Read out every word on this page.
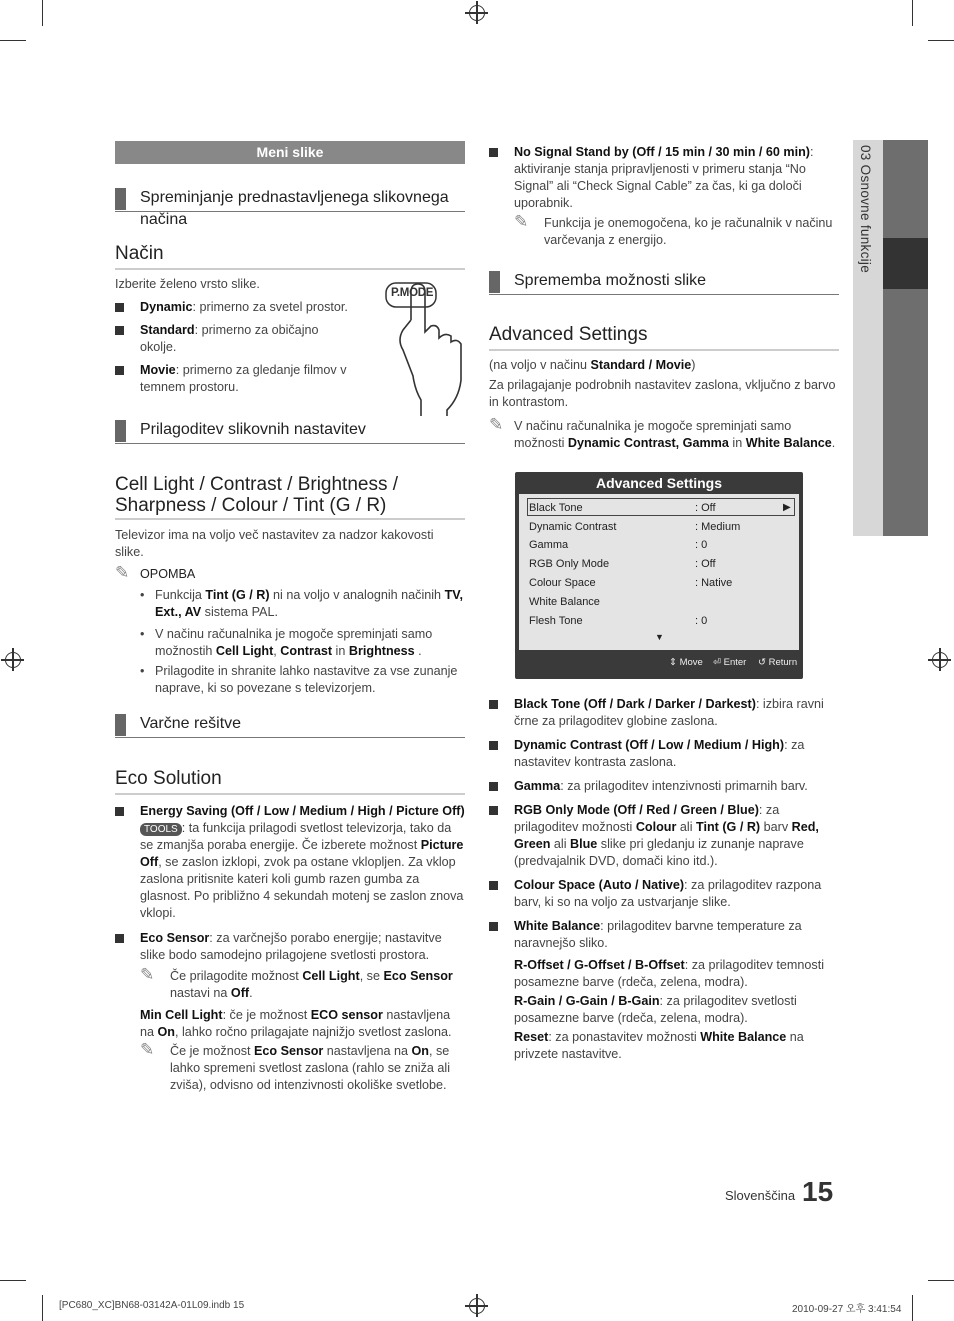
03 Osnovne funkcije
Meni slike
Spreminjanje prednastavljenega slikovnega načina
Način
Izberite želeno vrsto slike.
Dynamic: primerno za svetel prostor.
Standard: primerno za običajno okolje.
Movie: primerno za gledanje filmov v temnem prostoru.
P.MODE
Prilagoditev slikovnih nastavitev
Cell Light / Contrast / Brightness /
Sharpness / Colour / Tint (G / R)
Televizor ima na voljo več nastavitev za nadzor kakovosti slike.
✎ OPOMBA
• Funkcija Tint (G / R) ni na voljo v analognih načinih TV, Ext., AV sistema PAL.
• V načinu računalnika je mogoče spreminjati samo možnostih Cell Light, Contrast in Brightness .
• Prilagodite in shranite lahko nastavitve za vse zunanje naprave, ki so povezane s televizorjem.
Varčne rešitve
Eco Solution
Energy Saving (Off / Low / Medium / High / Picture Off) TOOLS : ta funkcija prilagodi svetlost televizorja, tako da se zmanjša poraba energije. Če izberete možnost Picture Off, se zaslon izklopi, zvok pa ostane vklopljen. Za vklop zaslona pritisnite kateri koli gumb razen gumba za glasnost. Po približno 4 sekundah motenj se zaslon znova vklopi.
Eco Sensor: za varčnejšo porabo energije; nastavitve slike bodo samodejno prilagojene svetlosti prostora.
✎ Če prilagodite možnost Cell Light, se Eco Sensor nastavi na Off.
Min Cell Light: če je možnost ECO sensor nastavljena na On, lahko ročno prilagajate najnižjo svetlost zaslona.
✎ Če je možnost Eco Sensor nastavljena na On, se lahko spremeni svetlost zaslona (rahlo se zniža ali zviša), odvisno od intenzivnosti okoliške svetlobe.
No Signal Stand by (Off / 15 min / 30 min / 60 min): aktiviranje stanja pripravljenosti v primeru stanja “No Signal” ali “Check Signal Cable” za čas, ki ga določi uporabnik.
✎ Funkcija je onemogočena, ko je računalnik v načinu varčevanja z energijo.
Sprememba možnosti slike
Advanced Settings
(na voljo v načinu Standard / Movie)
Za prilagajanje podrobnih nastavitev zaslona, vključno z barvo in kontrastom.
✎ V načinu računalnika je mogoče spreminjati samo možnosti Dynamic Contrast, Gamma in White Balance.
Advanced Settings
Black Tone	: Off	▶
Dynamic Contrast	: Medium
Gamma	: 0
RGB Only Mode	: Off
Colour Space	: Native
White Balance
Flesh Tone	: 0
▼
⇕ Move ⏎ Enter ↺ Return
Black Tone (Off / Dark / Darker / Darkest): izbira ravni črne za prilagoditev globine zaslona.
Dynamic Contrast (Off / Low / Medium / High): za nastavitev kontrasta zaslona.
Gamma: za prilagoditev intenzivnosti primarnih barv.
RGB Only Mode (Off / Red / Green / Blue): za prilagoditev možnosti Colour ali Tint (G / R) barv Red, Green ali Blue slike pri gledanju iz zunanje naprave (predvajalnik DVD, domači kino itd.).
Colour Space (Auto / Native): za prilagoditev razpona barv, ki so na voljo za ustvarjanje slike.
White Balance: prilagoditev barvne temperature za naravnejšo sliko.
R-Offset / G-Offset / B-Offset: za prilagoditev temnosti posamezne barve (rdeča, zelena, modra).
R-Gain / G-Gain / B-Gain: za prilagoditev svetlosti posamezne barve (rdeča, zelena, modra).
Reset: za ponastavitev možnosti White Balance na privzete nastavitve.
Slovenščina 15
[PC680_XC]BN68-03142A-01L09.indb 15	2010-09-27 오후 3:41:54
